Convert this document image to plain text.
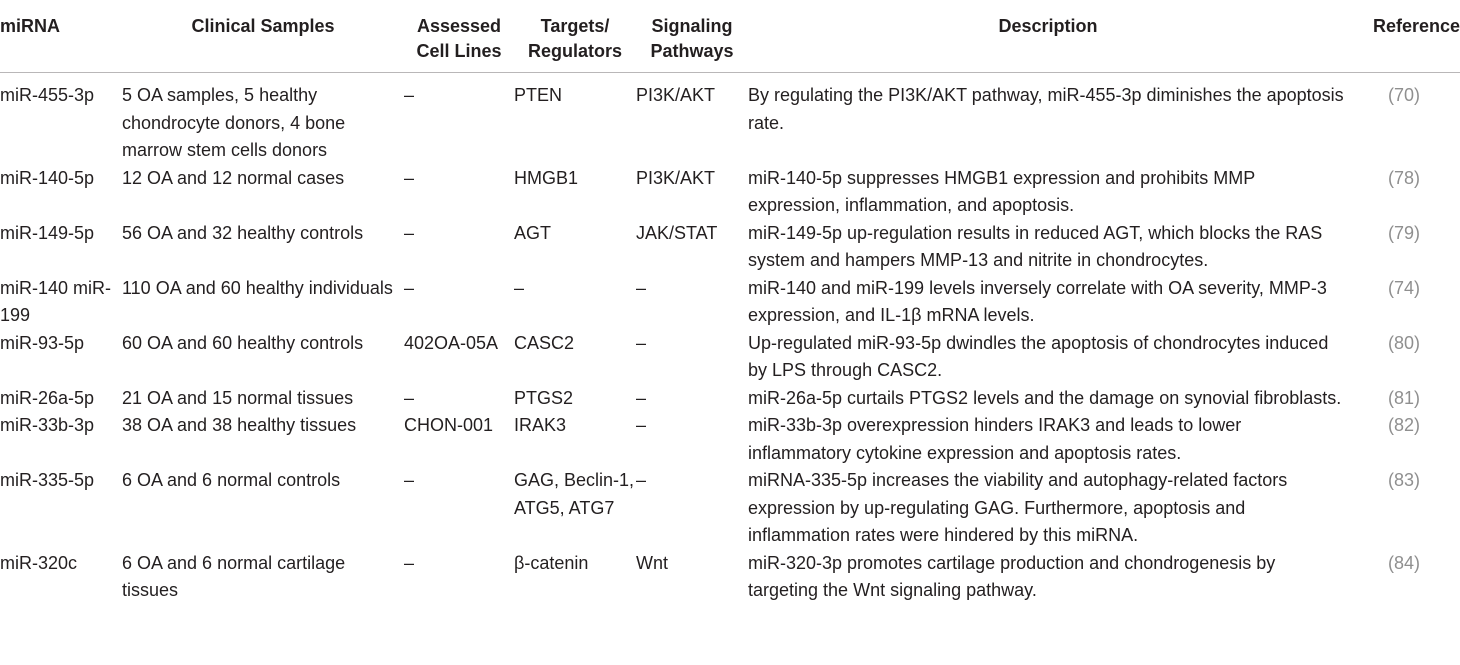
miRNA	Clinical Samples	Assessed Cell Lines	Targets/ Regulators	Signaling Pathways	Description	Reference
miR-455-3p	5 OA samples, 5 healthy chondrocyte donors, 4 bone marrow stem cells donors	–	PTEN	PI3K/AKT	By regulating the PI3K/AKT pathway, miR-455-3p diminishes the apoptosis rate.	(70)
miR-140-5p	12 OA and 12 normal cases	–	HMGB1	PI3K/AKT	miR-140-5p suppresses HMGB1 expression and prohibits MMP expression, inflammation, and apoptosis.	(78)
miR-149-5p	56 OA and 32 healthy controls	–	AGT	JAK/STAT	miR-149-5p up-regulation results in reduced AGT, which blocks the RAS system and hampers MMP-13 and nitrite in chondrocytes.	(79)
miR-140 miR-199	110 OA and 60 healthy individuals	–	–	–	miR-140 and miR-199 levels inversely correlate with OA severity, MMP-3 expression, and IL-1β mRNA levels.	(74)
miR-93-5p	60 OA and 60 healthy controls	402OA-05A	CASC2	–	Up-regulated miR-93-5p dwindles the apoptosis of chondrocytes induced by LPS through CASC2.	(80)
miR-26a-5p	21 OA and 15 normal tissues	–	PTGS2	–	miR-26a-5p curtails PTGS2 levels and the damage on synovial fibroblasts.	(81)
miR-33b-3p	38 OA and 38 healthy tissues	CHON-001	IRAK3	–	miR-33b-3p overexpression hinders IRAK3 and leads to lower inflammatory cytokine expression and apoptosis rates.	(82)
miR-335-5p	6 OA and 6 normal controls	–	GAG, Beclin-1, ATG5, ATG7	–	miRNA-335-5p increases the viability and autophagy-related factors expression by up-regulating GAG. Furthermore, apoptosis and inflammation rates were hindered by this miRNA.	(83)
miR-320c	6 OA and 6 normal cartilage tissues	–	β-catenin	Wnt	miR-320-3p promotes cartilage production and chondrogenesis by targeting the Wnt signaling pathway.	(84)
